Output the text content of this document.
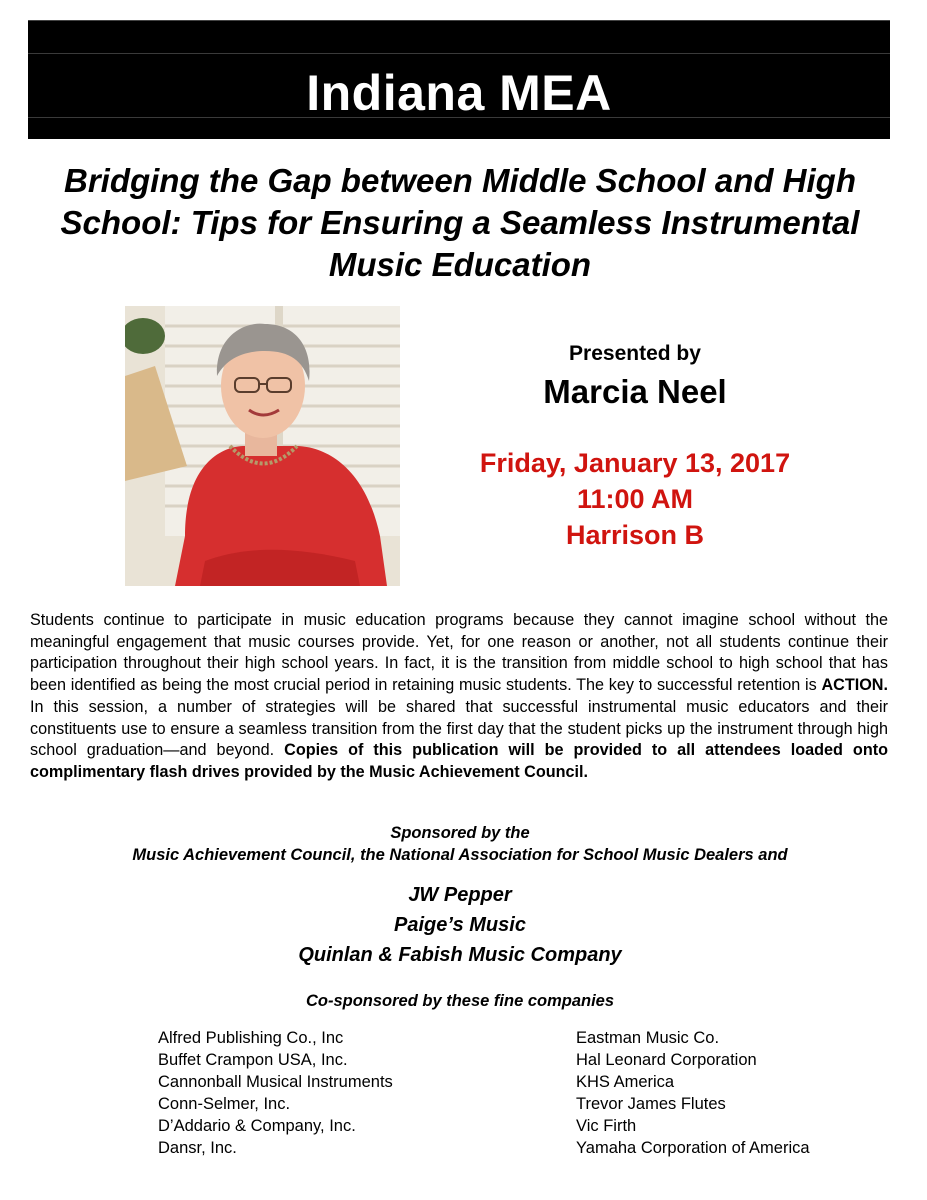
Indiana MEA
Bridging the Gap between Middle School and High School: Tips for Ensuring a Seamless Instrumental Music Education
Presented by
Marcia Neel
Friday, January 13, 2017
11:00 AM
Harrison B
Students continue to participate in music education programs because they cannot imagine school without the meaningful engagement that music courses provide. Yet, for one reason or another, not all students continue their participation throughout their high school years. In fact, it is the transition from middle school to high school that has been identified as being the most crucial period in retaining music students. The key to successful retention is ACTION. In this session, a number of strategies will be shared that successful instrumental music educators and their constituents use to ensure a seamless transition from the first day that the student picks up the instrument through high school graduation—and beyond. Copies of this publication will be provided to all attendees loaded onto complimentary flash drives provided by the Music Achievement Council.
Sponsored by the
Music Achievement Council, the National Association for School Music Dealers and
JW Pepper
Paige’s Music
Quinlan & Fabish Music Company
Co-sponsored by these fine companies
Alfred Publishing Co., Inc
Buffet Crampon USA, Inc.
Cannonball Musical Instruments
Conn-Selmer, Inc.
D’Addario & Company, Inc.
Dansr, Inc.
Eastman Music Co.
Hal Leonard Corporation
KHS America
Trevor James Flutes
Vic Firth
Yamaha Corporation of America
